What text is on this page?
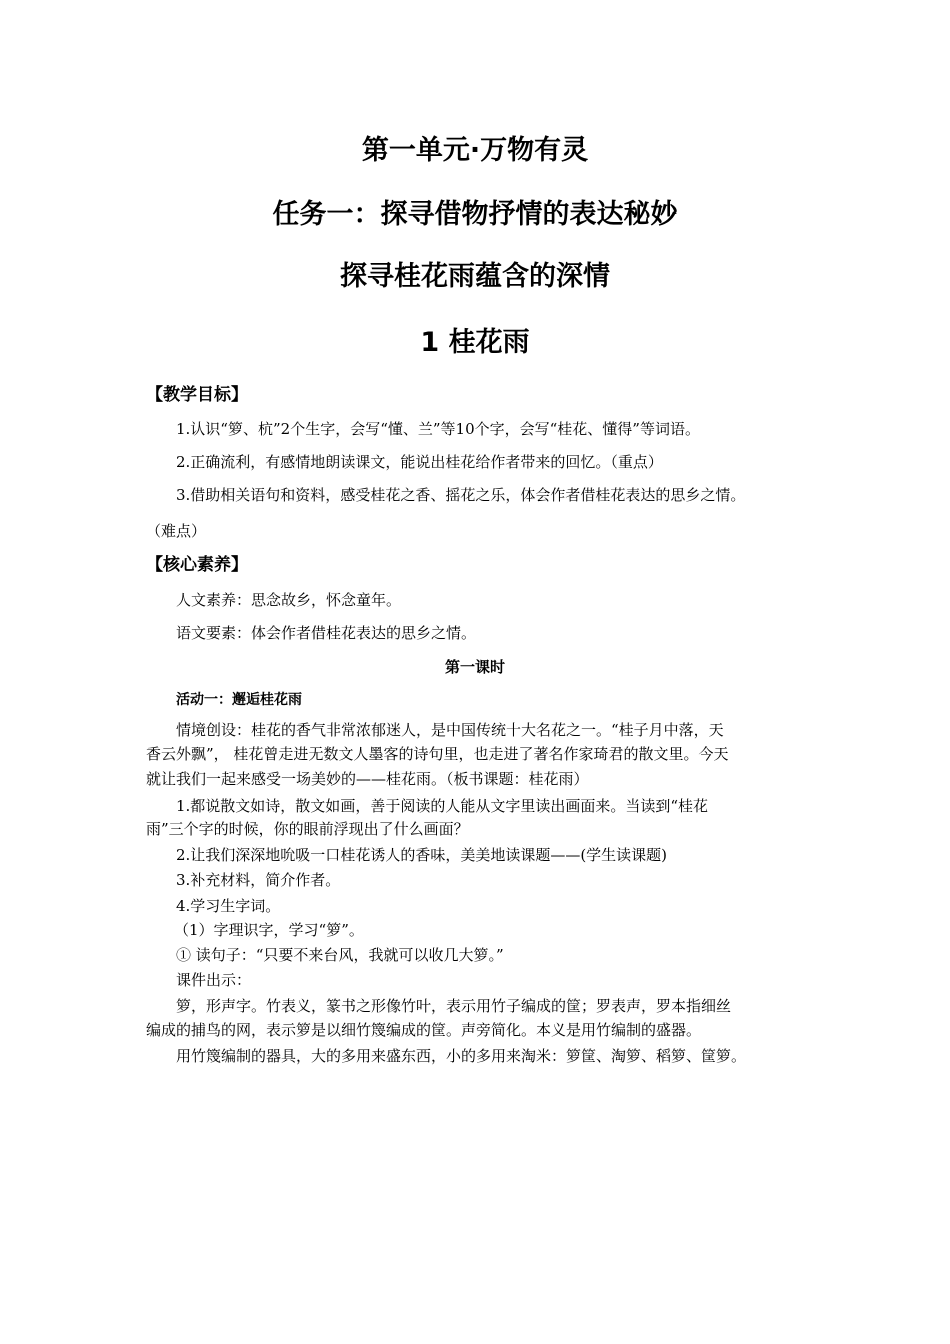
第一单元·万物有灵
任务一：探寻借物抒情的表达秘妙
探寻桂花雨蕴含的深情
1 桂花雨
【教学目标】
1.认识“箩、杭”2个生字，会写“懂、兰”等10个字，会写“桂花、懂得”等词语。
2.正确流利，有感情地朗读课文，能说出桂花给作者带来的回忆。（重点）
3.借助相关语句和资料，感受桂花之香、摇花之乐，体会作者借桂花表达的思乡之情。
（难点）
【核心素养】
人文素养：思念故乡，怀念童年。
语文要素：体会作者借桂花表达的思乡之情。
第一课时
活动一：邂逅桂花雨
情境创设：桂花的香气非常浓郁迷人，是中国传统十大名花之一。“桂子月中落，天
香云外飘”， 桂花曾走进无数文人墨客的诗句里，也走进了著名作家琦君的散文里。今天
就让我们一起来感受一场美妙的——桂花雨。（板书课题：桂花雨）
1.都说散文如诗，散文如画，善于阅读的人能从文字里读出画面来。当读到“桂花
雨”三个字的时候，你的眼前浮现出了什么画面？
2.让我们深深地吮吸一口桂花诱人的香味，美美地读课题——(学生读课题)
3.补充材料，简介作者。
4.学习生字词。
（1）字理识字，学习“箩”。
① 读句子：“只要不来台风，我就可以收几大箩。”
课件出示：
箩，形声字。竹表义，篆书之形像竹叶，表示用竹子编成的筐；罗表声，罗本指细丝
编成的捕鸟的网，表示箩是以细竹篾编成的筐。声旁简化。本义是用竹编制的盛器。
用竹篾编制的器具，大的多用来盛东西，小的多用来淘米：箩筐、淘箩、稻箩、筐箩。
